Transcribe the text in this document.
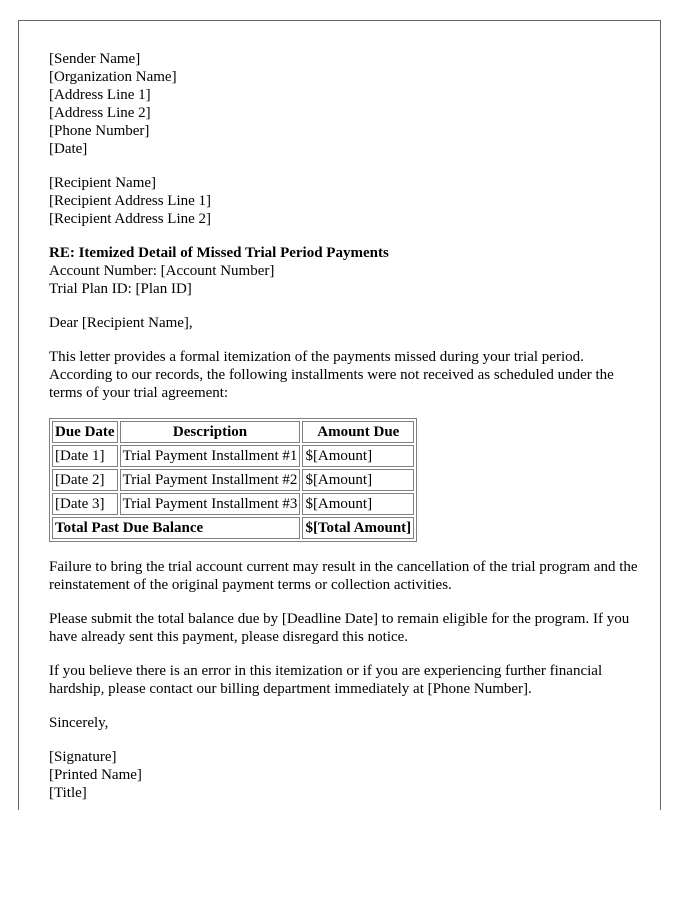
[Sender Name]
[Organization Name]
[Address Line 1]
[Address Line 2]
[Phone Number]
[Date]
[Recipient Name]
[Recipient Address Line 1]
[Recipient Address Line 2]
RE: Itemized Detail of Missed Trial Period Payments
Account Number: [Account Number]
Trial Plan ID: [Plan ID]

Dear [Recipient Name],

This letter provides a formal itemization of the payments missed during your trial period. According to our records, the following installments were not received as scheduled under the terms of your trial agreement:

Due Date	Description	Amount Due
[Date 1]	Trial Payment Installment #1	$[Amount]
[Date 2]	Trial Payment Installment #2	$[Amount]
[Date 3]	Trial Payment Installment #3	$[Amount]
Total Past Due Balance		$[Total Amount]

Failure to bring the trial account current may result in the cancellation of the trial program and the reinstatement of the original payment terms or collection activities.

Please submit the total balance due by [Deadline Date] to remain eligible for the program. If you have already sent this payment, please disregard this notice.

If you believe there is an error in this itemization or if you are experiencing further financial hardship, please contact our billing department immediately at [Phone Number].

Sincerely,

[Signature]
[Printed Name]
[Title]
